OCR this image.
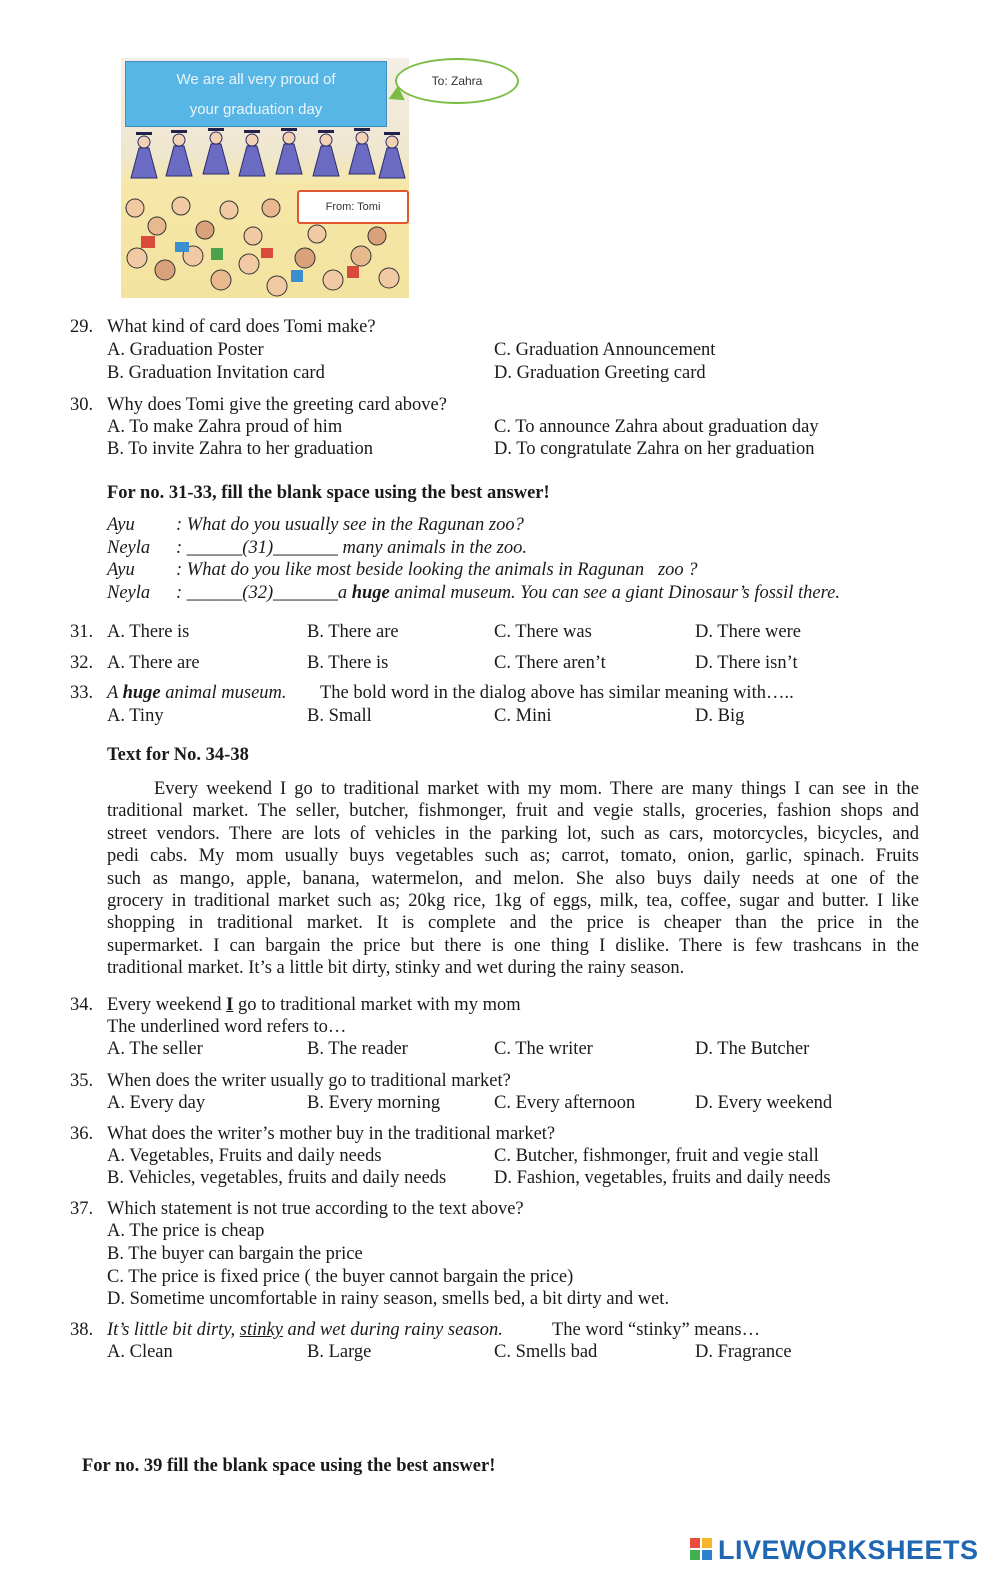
We are all very proud of
your graduation day
From: Tomi
To: Zahra
29. What kind of card does Tomi make?
A. Graduation Poster
B. Graduation Invitation card
C. Graduation Announcement
D. Graduation Greeting card
30. Why does Tomi give the greeting card above?
A. To make Zahra proud of him
B. To invite Zahra to her graduation
C. To announce Zahra about graduation day
D. To congratulate Zahra on her graduation
For no. 31-33, fill the blank space using the best answer!
Ayu : What do you usually see in the Ragunan zoo?
Neyla : ______(31)_______ many animals in the zoo.
Ayu : What do you like most beside looking the animals in Ragunan   zoo ?
Neyla : ______(32)_______a huge animal museum. You can see a giant Dinosaur’s fossil there.
31. A. There is	B. There are	C. There was	D. There were
32. A. There are	B. There is	C. There aren’t	D. There isn’t
33. A huge animal museum. The bold word in the dialog above has similar meaning with…..
A. Tiny	B. Small	C. Mini	D. Big
Text for No. 34-38
Every weekend I go to traditional market with my mom. There are many things I can see in the
traditional market. The seller, butcher, fishmonger, fruit and vegie stalls, groceries, fashion shops and
street vendors. There are lots of vehicles in the parking lot, such as cars, motorcycles, bicycles, and
pedi cabs. My mom usually buys vegetables such as; carrot, tomato, onion, garlic, spinach. Fruits
such as mango, apple, banana, watermelon, and melon. She also buys daily needs at one of the
grocery in traditional market such as; 20kg rice, 1kg of eggs, milk, tea, coffee, sugar and butter. I like
shopping in traditional market. It is complete and the price is cheaper than the price in the
supermarket. I can bargain the price but there is one thing I dislike. There is few trashcans in the
traditional market. It’s a little bit dirty, stinky and wet during the rainy season.
34. Every weekend I go to traditional market with my mom
The underlined word refers to…
A. The seller	B. The reader	C. The writer	D. The Butcher
35. When does the writer usually go to traditional market?
A. Every day	B. Every morning	C. Every afternoon	D. Every weekend
36. What does the writer’s mother buy in the traditional market?
A. Vegetables, Fruits and daily needs
B. Vehicles, vegetables, fruits and daily needs
C. Butcher, fishmonger, fruit and vegie stall
D. Fashion, vegetables, fruits and daily needs
37. Which statement is not true according to the text above?
A. The price is cheap
B. The buyer can bargain the price
C. The price is fixed price ( the buyer cannot bargain the price)
D. Sometime uncomfortable in rainy season, smells bed, a bit dirty and wet.
38. It’s little bit dirty, stinky and wet during rainy season.	The word “stinky” means…
A. Clean	B. Large	C. Smells bad	D. Fragrance
For no. 39 fill the blank space using the best answer!
LIVEWORKSHEETS
